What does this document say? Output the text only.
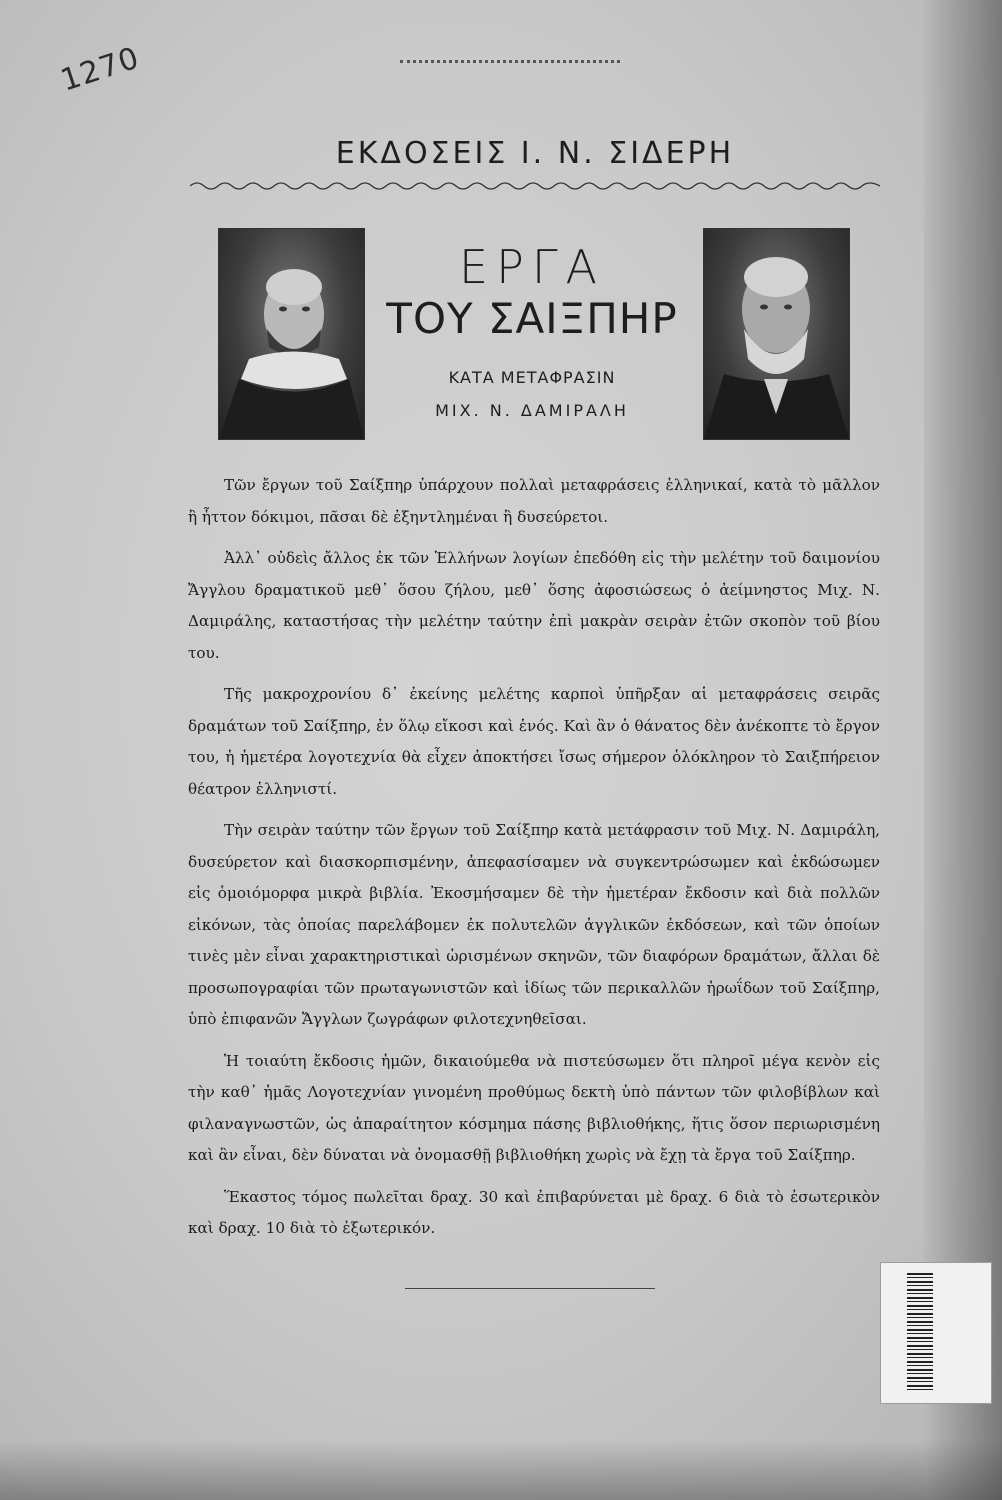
1270
ΕΚΔΟΣΕΙΣ Ι. Ν. ΣΙΔΕΡΗ
ΕΡΓΑ
ΤΟΥ ΣΑΙΞΠΗΡ
ΚΑΤΑ ΜΕΤΑΦΡΑΣΙΝ
ΜΙΧ. Ν. ΔΑΜΙΡΑΛΗ

Τῶν ἔργων τοῦ Σαίξπηρ ὑπάρχουν πολλαὶ μεταφράσεις ἑλληνικαί, κατὰ τὸ μᾶλλον ἢ ἧττον δόκιμοι, πᾶσαι δὲ ἐξηντλημέναι ἢ δυσεύρετοι.

Ἀλλ᾽ οὐδεὶς ἄλλος ἐκ τῶν Ἑλλήνων λογίων ἐπεδόθη εἰς τὴν μελέτην τοῦ δαιμονίου Ἄγγλου δραματικοῦ μεθ᾽ ὅσου ζήλου, μεθ᾽ ὅσης ἀφοσιώσεως ὁ ἀείμνηστος Μιχ. Ν. Δαμιράλης, καταστήσας τὴν μελέτην ταύτην ἐπὶ μακρὰν σειρὰν ἐτῶν σκοπὸν τοῦ βίου του.

Τῆς μακροχρονίου δ᾽ ἐκείνης μελέτης καρποὶ ὑπῆρξαν αἱ μεταφράσεις σειρᾶς δραμάτων τοῦ Σαίξπηρ, ἐν ὅλῳ εἴκοσι καὶ ἑνός. Καὶ ἂν ὁ θάνατος δὲν ἀνέκοπτε τὸ ἔργον του, ἡ ἡμετέρα λογοτεχνία θὰ εἶχεν ἀποκτήσει ἴσως σήμερον ὁλόκληρον τὸ Σαιξπήρειον θέατρον ἑλληνιστί.

Τὴν σειρὰν ταύτην τῶν ἔργων τοῦ Σαίξπηρ κατὰ μετάφρασιν τοῦ Μιχ. Ν. Δαμιράλη, δυσεύρετον καὶ διασκορπισμένην, ἀπεφασίσαμεν νὰ συγκεντρώσωμεν καὶ ἐκδώσωμεν εἰς ὁμοιόμορφα μικρὰ βιβλία. Ἐκοσμήσαμεν δὲ τὴν ἡμετέραν ἔκδοσιν καὶ διὰ πολλῶν εἰκόνων, τὰς ὁποίας παρελάβομεν ἐκ πολυτελῶν ἀγγλικῶν ἐκδόσεων, καὶ τῶν ὁποίων τινὲς μὲν εἶναι χαρακτηριστικαὶ ὡρισμένων σκηνῶν, τῶν διαφόρων δραμάτων, ἄλλαι δὲ προσωπογραφίαι τῶν πρωταγωνιστῶν καὶ ἰδίως τῶν περικαλλῶν ἡρωΐδων τοῦ Σαίξπηρ, ὑπὸ ἐπιφανῶν Ἄγγλων ζωγράφων φιλοτεχνηθεῖσαι.

Ἡ τοιαύτη ἔκδοσις ἡμῶν, δικαιούμεθα νὰ πιστεύσωμεν ὅτι πληροῖ μέγα κενὸν εἰς τὴν καθ᾽ ἡμᾶς Λογοτεχνίαν γινομένη προθύμως δεκτὴ ὑπὸ πάντων τῶν φιλοβίβλων καὶ φιλαναγνωστῶν, ὡς ἀπαραίτητον κόσμημα πάσης βιβλιοθήκης, ἥτις ὅσον περιωρισμένη καὶ ἂν εἶναι, δὲν δύναται νὰ ὀνομασθῇ βιβλιοθήκη χωρὶς νὰ ἔχῃ τὰ ἔργα τοῦ Σαίξπηρ.

Ἕκαστος τόμος πωλεῖται δραχ. 30 καὶ ἐπιβαρύνεται μὲ δραχ. 6 διὰ τὸ ἐσωτερικὸν καὶ δραχ. 10 διὰ τὸ ἐξωτερικόν.
